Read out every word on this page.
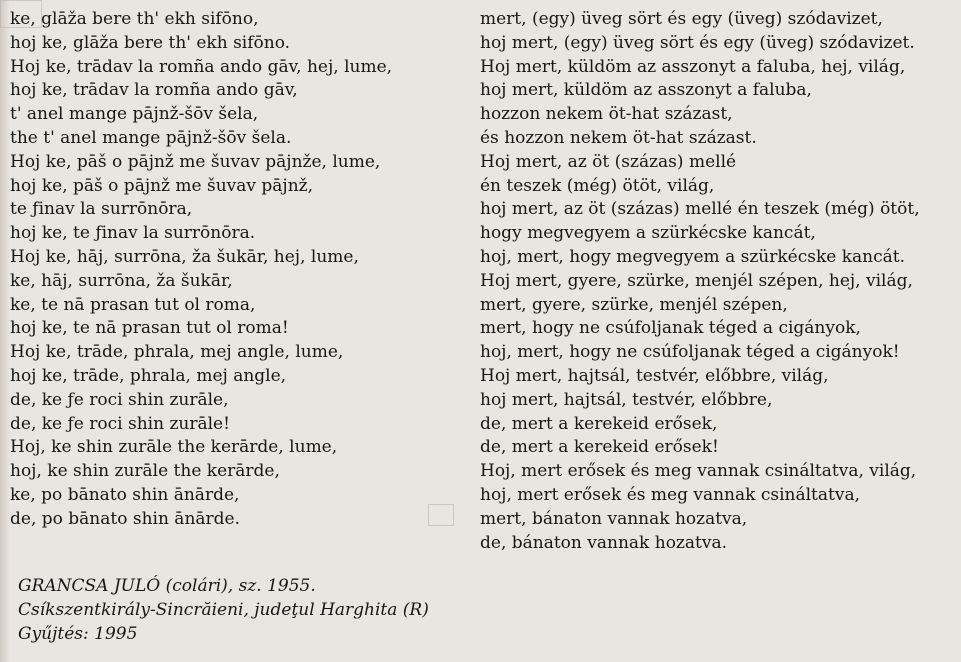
ke, glāža bere th' ekh sifōno,
hoj ke, glāža bere th' ekh sifōno.
Hoj ke, trādav la romña ando gāv, hej, lume,
hoj ke, trādav la romña ando gāv,
t' anel mange pājnž-šōv šela,
the t' anel mange pājnž-šōv šela.
Hoj ke, pāš o pājnž me šuvav pājnže, lume,
hoj ke, pāš o pājnž me šuvav pājnž,
te ƒinav la surrōnōra,
hoj ke, te ƒinav la surrōnōra.
Hoj ke, hāj, surrōna, ža šukār, hej, lume,
ke, hāj, surrōna, ža šukār,
ke, te nā prasan tut ol roma,
hoj ke, te nā prasan tut ol roma!
Hoj ke, trāde, phrala, mej angle, lume,
hoj ke, trāde, phrala, mej angle,
de, ke ƒe roci shin zurāle,
de, ke ƒe roci shin zurāle!
Hoj, ke shin zurāle the kerārde, lume,
hoj, ke shin zurāle the kerārde,
ke, po bānato shin ānārde,
de, po bānato shin ānārde.
mert, (egy) üveg sört és egy (üveg) szódavizet,
hoj mert, (egy) üveg sört és egy (üveg) szódavizet.
Hoj mert, küldöm az asszonyt a faluba, hej, világ,
hoj mert, küldöm az asszonyt a faluba,
hozzon nekem öt-hat százast,
és hozzon nekem öt-hat százast.
Hoj mert, az öt (százas) mellé
én teszek (még) ötöt, világ,
hoj mert, az öt (százas) mellé én teszek (még) ötöt,
hogy megvegyem a szürkécske kancát,
hoj, mert, hogy megvegyem a szürkécske kancát.
Hoj mert, gyere, szürke, menjél szépen, hej, világ,
mert, gyere, szürke, menjél szépen,
mert, hogy ne csúfoljanak téged a cigányok,
hoj, mert, hogy ne csúfoljanak téged a cigányok!
Hoj mert, hajtsál, testvér, előbbre, világ,
hoj mert, hajtsál, testvér, előbbre,
de, mert a kerekeid erősek,
de, mert a kerekeid erősek!
Hoj, mert erősek és meg vannak csináltatva, világ,
hoj, mert erősek és meg vannak csináltatva,
mert, bánaton vannak hozatva,
de, bánaton vannak hozatva.
GRANCSA JULÓ (colári), sz. 1955.
Csíkszentkirály-Sincrăieni, judeţul Harghita (R)
Gyűjtés: 1995
